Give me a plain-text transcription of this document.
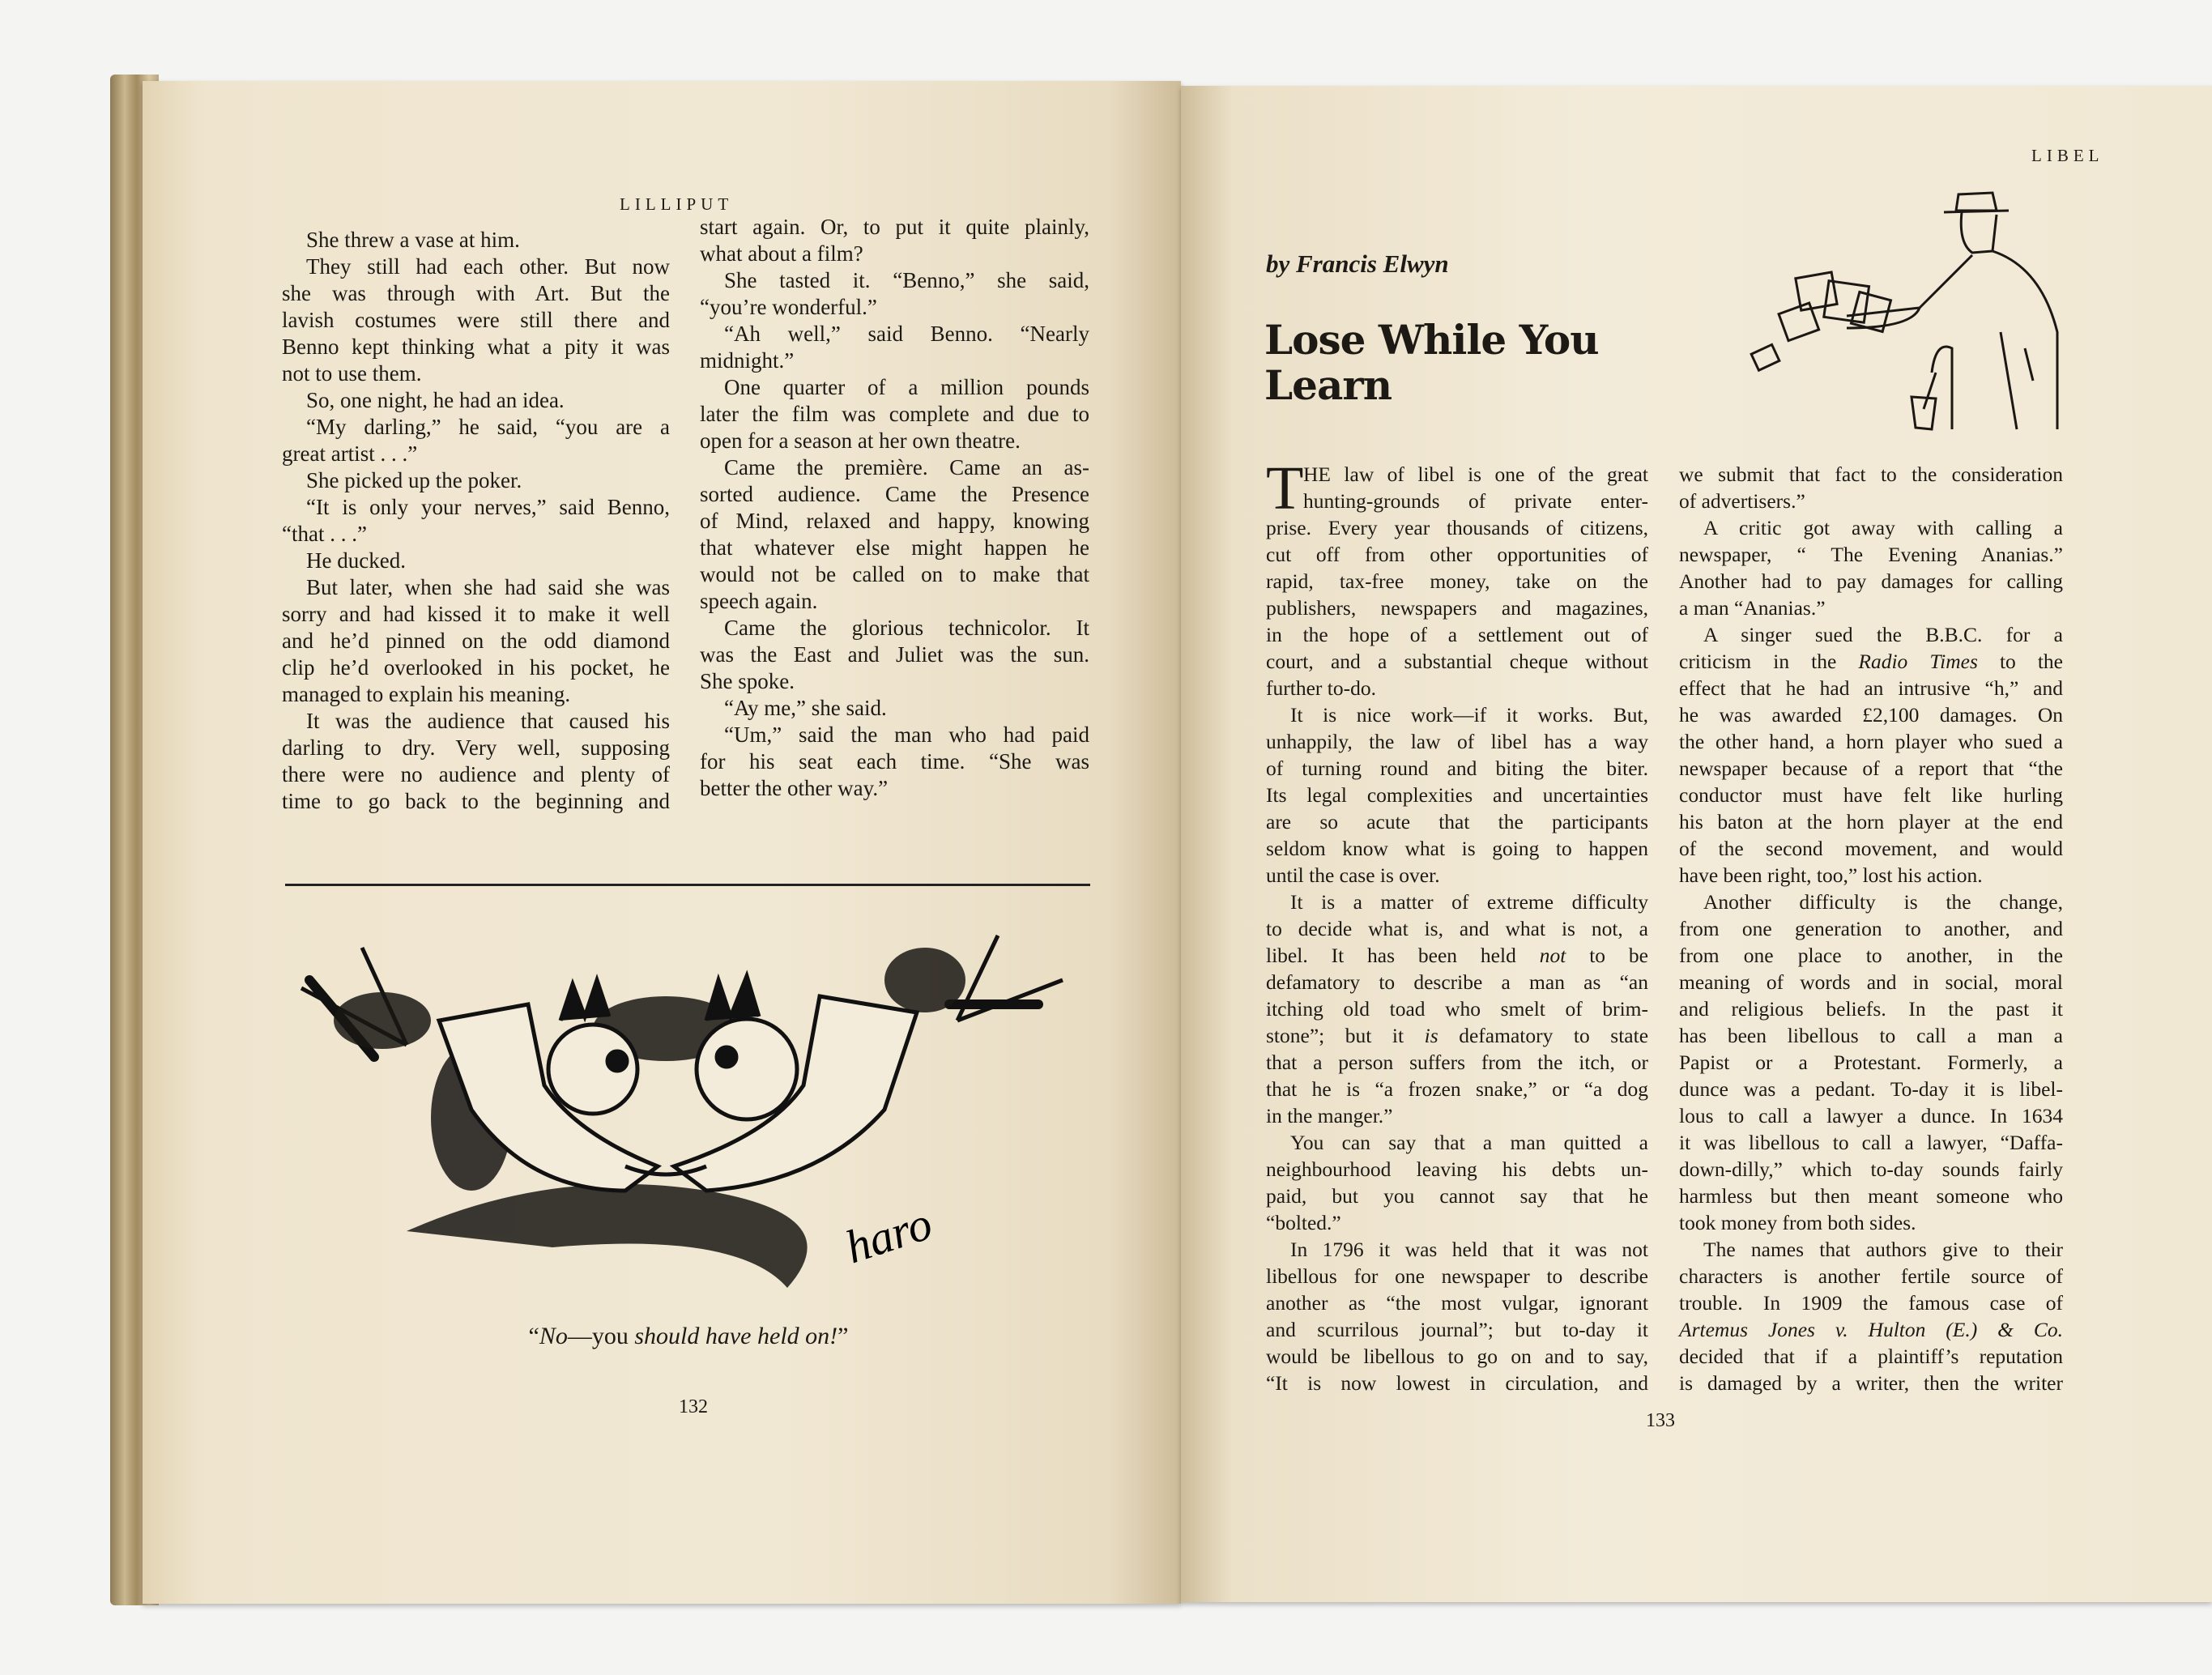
LILLIPUT
She threw a vase at him.
They still had each other. But now
she was through with Art. But the
lavish costumes were still there and
Benno kept thinking what a pity it was
not to use them.
So, one night, he had an idea.
“My darling,” he said, “you are a
great artist . . .”
She picked up the poker.
“It is only your nerves,” said Benno,
“that . . .”
He ducked.
But later, when she had said she was
sorry and had kissed it to make it well
and he’d pinned on the odd diamond
clip he’d overlooked in his pocket, he
managed to explain his meaning.
It was the audience that caused his
darling to dry. Very well, supposing
there were no audience and plenty of
time to go back to the beginning and
start again. Or, to put it quite plainly,
what about a film?
She tasted it. “Benno,” she said,
“you’re wonderful.”
“Ah well,” said Benno. “Nearly
midnight.”
One quarter of a million pounds
later the film was complete and due to
open for a season at her own theatre.
Came the première. Came an as-
sorted audience. Came the Presence
of Mind, relaxed and happy, knowing
that whatever else might happen he
would not be called on to make that
speech again.
Came the glorious technicolor. It
was the East and Juliet was the sun.
She spoke.
“Ay me,” she said.
“Um,” said the man who had paid
for his seat each time. “She was
better the other way.”
haro
“No—you should have held on!”
132
LIBEL
by Francis Elwyn
Lose While You
Learn
T HE law of libel is one of the great
hunting-grounds of private enter-
prise. Every year thousands of citizens,
cut off from other opportunities of
rapid, tax-free money, take on the
publishers, newspapers and magazines,
in the hope of a settlement out of
court, and a substantial cheque without
further to-do.
It is nice work—if it works. But,
unhappily, the law of libel has a way
of turning round and biting the biter.
Its legal complexities and uncertainties
are so acute that the participants
seldom know what is going to happen
until the case is over.
It is a matter of extreme difficulty
to decide what is, and what is not, a
libel. It has been held not to be
defamatory to describe a man as “an
itching old toad who smelt of brim-
stone”; but it is defamatory to state
that a person suffers from the itch, or
that he is “a frozen snake,” or “a dog
in the manger.”
You can say that a man quitted a
neighbourhood leaving his debts un-
paid, but you cannot say that he
“bolted.”
In 1796 it was held that it was not
libellous for one newspaper to describe
another as “the most vulgar, ignorant
and scurrilous journal”; but to-day it
would be libellous to go on and to say,
“It is now lowest in circulation, and
we submit that fact to the consideration
of advertisers.”
A critic got away with calling a
newspaper, “ The Evening Ananias.”
Another had to pay damages for calling
a man “Ananias.”
A singer sued the B.B.C. for a
criticism in the Radio Times to the
effect that he had an intrusive “h,” and
he was awarded £2,100 damages. On
the other hand, a horn player who sued a
newspaper because of a report that “the
conductor must have felt like hurling
his baton at the horn player at the end
of the second movement, and would
have been right, too,” lost his action.
Another difficulty is the change,
from one generation to another, and
from one place to another, in the
meaning of words and in social, moral
and religious beliefs. In the past it
has been libellous to call a man a
Papist or a Protestant. Formerly, a
dunce was a pedant. To-day it is libel-
lous to call a lawyer a dunce. In 1634
it was libellous to call a lawyer, “Daffa-
down-dilly,” which to-day sounds fairly
harmless but then meant someone who
took money from both sides.
The names that authors give to their
characters is another fertile source of
trouble. In 1909 the famous case of
Artemus Jones v. Hulton (E.) & Co.
decided that if a plaintiff’s reputation
is damaged by a writer, then the writer
133
